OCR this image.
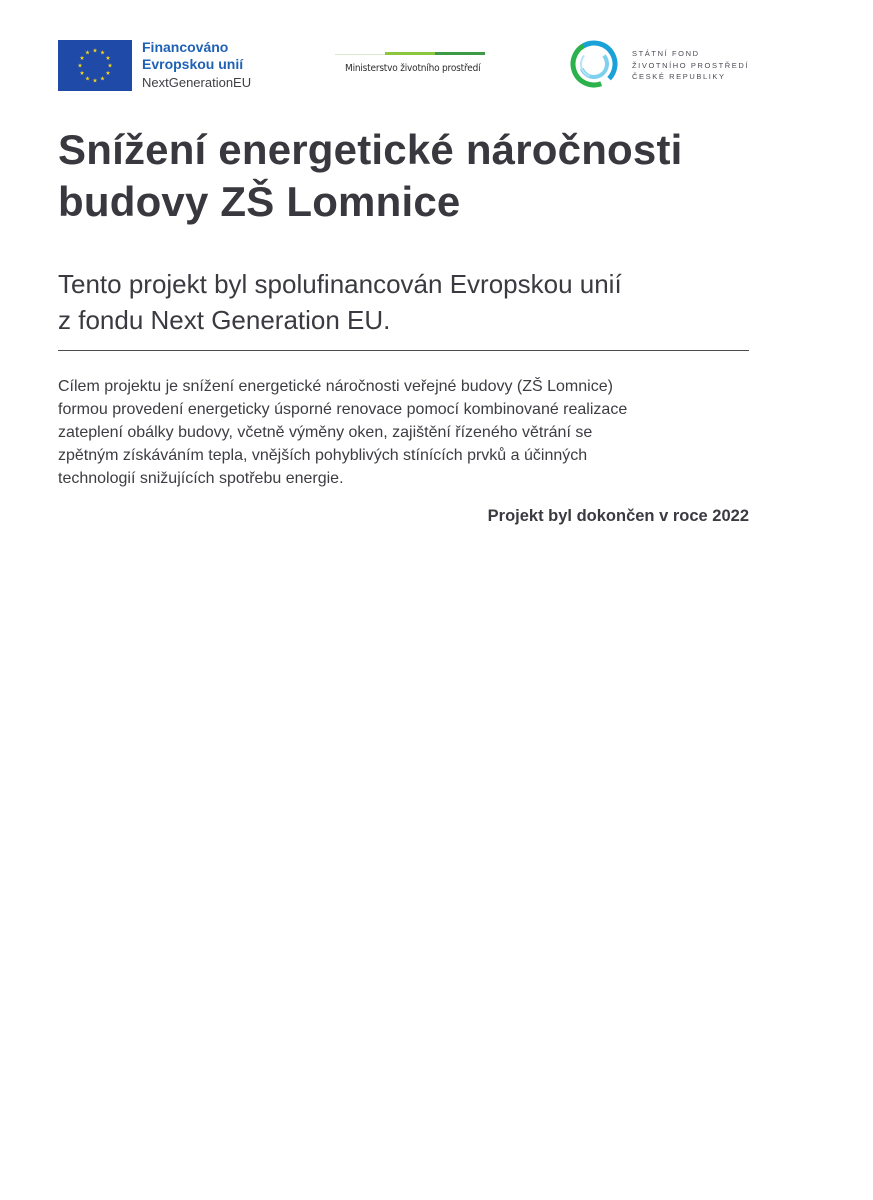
Financováno
Evropskou unií
NextGenerationEU
Ministerstvo životního prostředí
STÁTNÍ FOND
ŽIVOTNÍHO PROSTŘEDÍ
ČESKÉ REPUBLIKY
Snížení energetické náročnosti
budovy ZŠ Lomnice
Tento projekt byl spolufinancován Evropskou unií
z fondu Next Generation EU.
Cílem projektu je snížení energetické náročnosti veřejné budovy (ZŠ Lomnice)
formou provedení energeticky úsporné renovace pomocí kombinované realizace
zateplení obálky budovy, včetně výměny oken, zajištění řízeného větrání se
zpětným získáváním tepla, vnějších pohyblivých stínících prvků a účinných
technologií snižujících spotřebu energie.
Projekt byl dokončen v roce 2022
